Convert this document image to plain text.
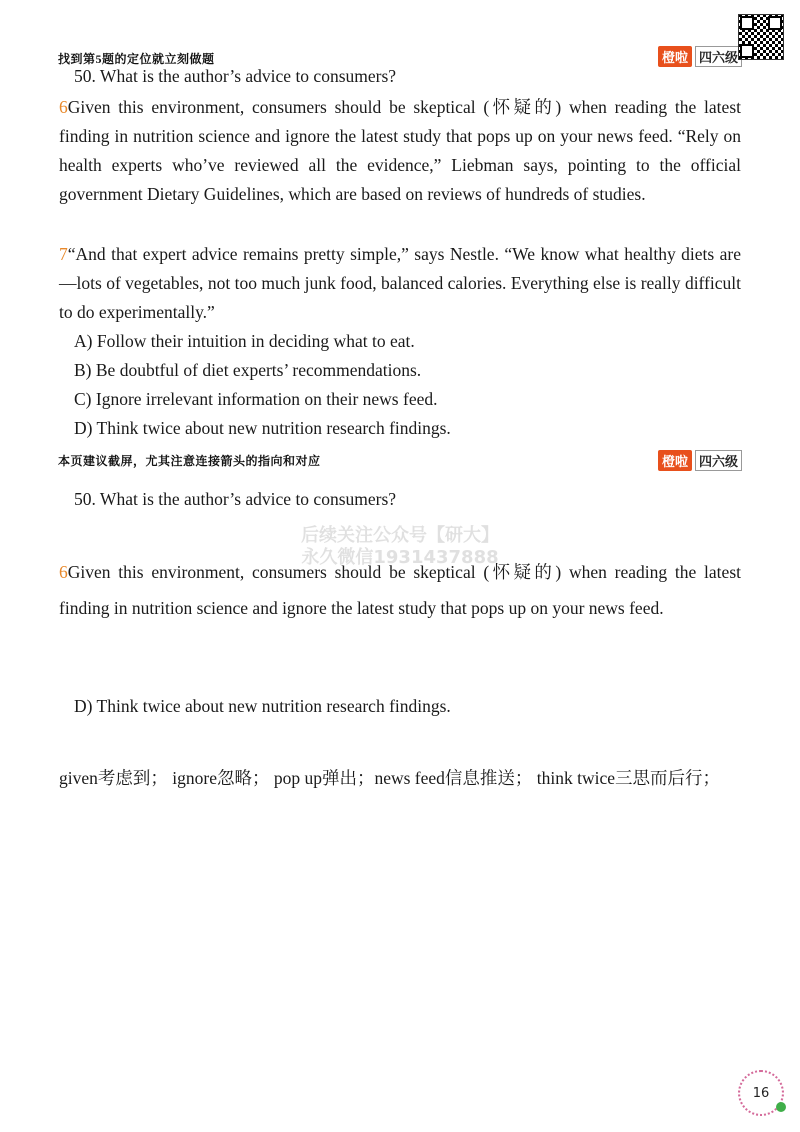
找到第5题的定位就立刻做题	橙啦 四六级
50. What is the author’s advice to consumers?
6Given this environment, consumers should be skeptical (怀疑的) when reading the latest finding in nutrition science and ignore the latest study that pops up on your news feed. “Rely on health experts who’ve reviewed all the evidence,” Liebman says, pointing to the official government Dietary Guidelines, which are based on reviews of hundreds of studies.
7“And that expert advice remains pretty simple,” says Nestle. “We know what healthy diets are—lots of vegetables, not too much junk food, balanced calories. Everything else is really difficult to do experimentally.”
A) Follow their intuition in deciding what to eat.
B) Be doubtful of diet experts’ recommendations.
C) Ignore irrelevant information on their news feed.
D) Think twice about new nutrition research findings.
本页建议截屏，尤其注意连接箭头的指向和对应	橙啦 四六级
50. What is the author’s advice to consumers?
后续关注公众号【研大】
永久微信1931437888
6Given this environment, consumers should be skeptical (怀疑的) when reading the latest finding in nutrition science and ignore the latest study that pops up on your news feed.
D) Think twice about new nutrition research findings.
given考虑到； ignore忽略； pop up弹出；news feed信息推送； think twice三思而后行；
16
